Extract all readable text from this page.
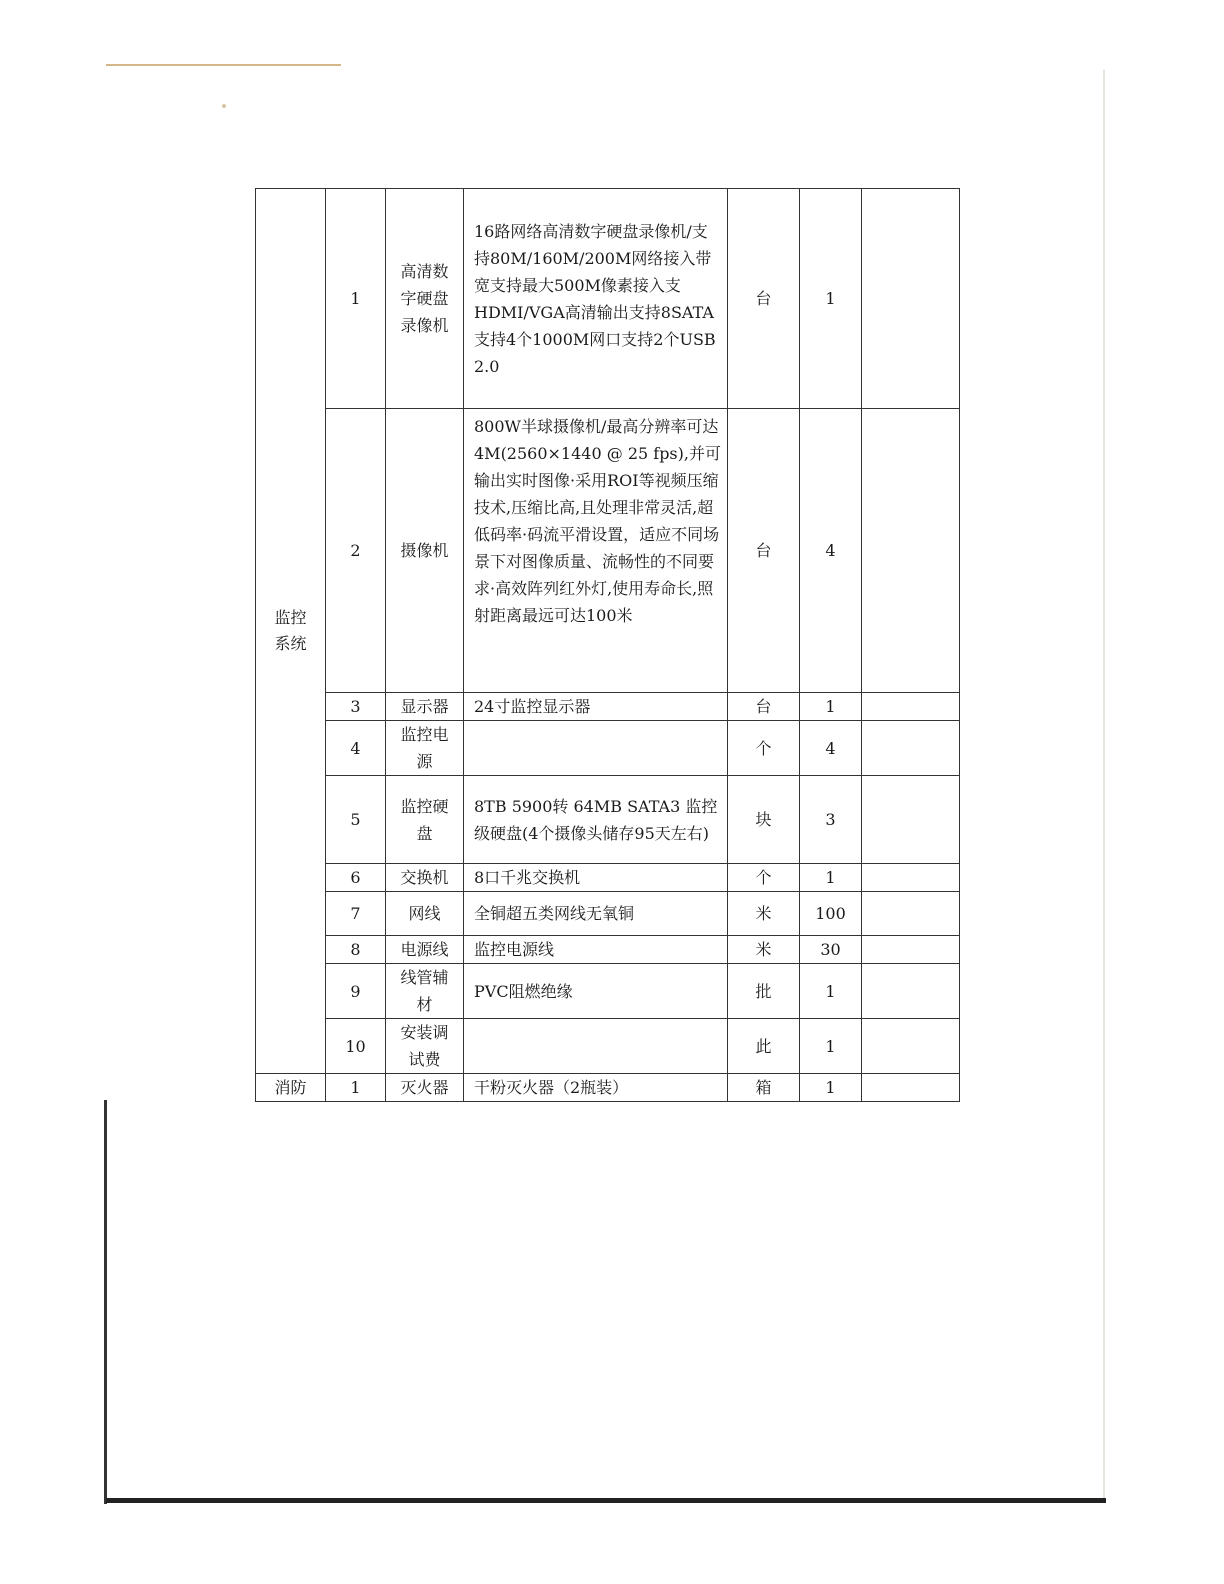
监控系统	1	高清数字硬盘录像机	16路网络高清数字硬盘录像机/支持80M/160M/200M网络接入带宽支持最大500M像素接入支HDMI/VGA高清输出支持8SATA支持4个1000M网口支持2个USB 2.0	台	1	
	2	摄像机	800W半球摄像机/最高分辨率可达4M(2560×1440 @ 25 fps),并可输出实时图像·采用ROI等视频压缩技术,压缩比高,且处理非常灵活,超低码率·码流平滑设置，适应不同场景下对图像质量、流畅性的不同要求·高效阵列红外灯,使用寿命长,照射距离最远可达100米	台	4	
	3	显示器	24寸监控显示器	台	1	
	4	监控电源		个	4	
	5	监控硬盘	8TB 5900转 64MB SATA3 监控级硬盘(4个摄像头储存95天左右)	块	3	
	6	交换机	8口千兆交换机	个	1	
	7	网线	全铜超五类网线无氧铜	米	100	
	8	电源线	监控电源线	米	30	
	9	线管辅材	PVC阻燃绝缘	批	1	
	10	安装调试费		此	1	
消防	1	灭火器	干粉灭火器（2瓶装）	箱	1	
